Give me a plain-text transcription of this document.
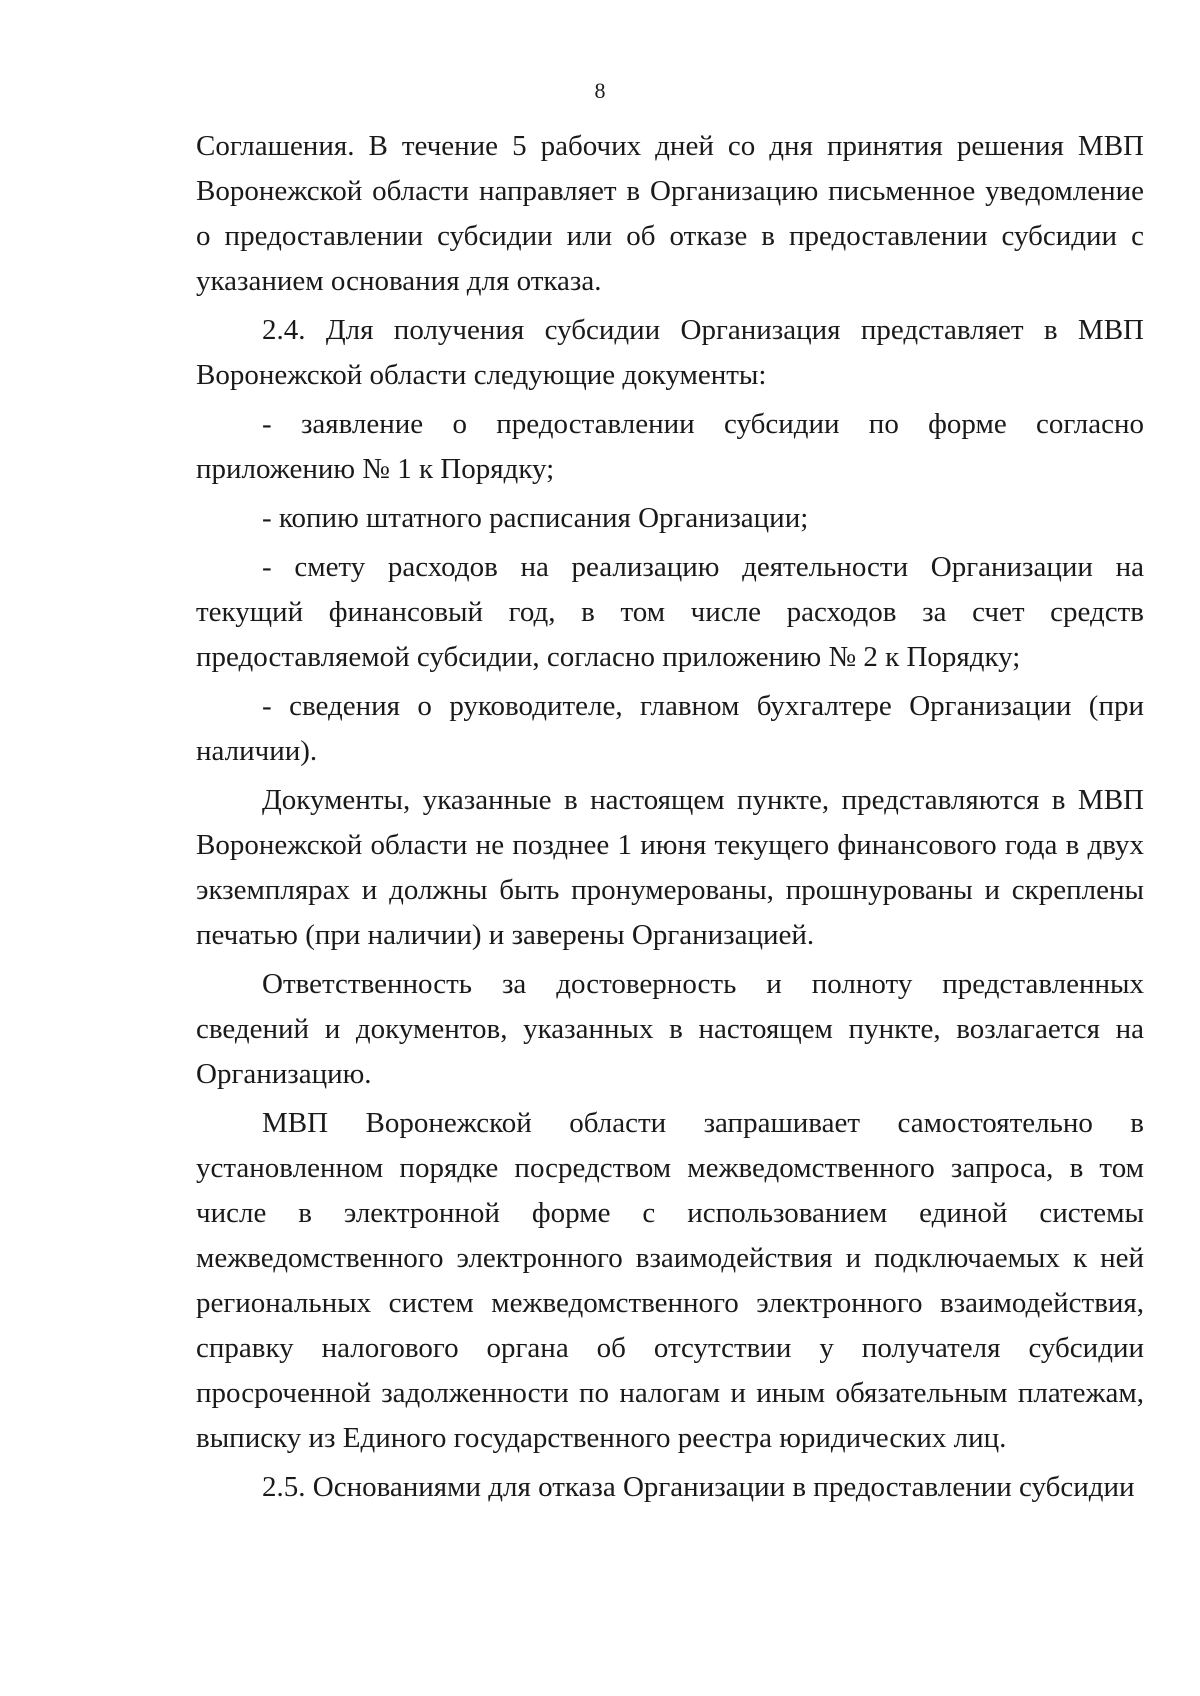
8

Соглашения. В течение 5 рабочих дней со дня принятия решения МВП Воронежской области направляет в Организацию письменное уведомление о предоставлении субсидии или об отказе в предоставлении субсидии с указанием основания для отказа.

2.4. Для получения субсидии Организация представляет в МВП Воронежской области следующие документы:

- заявление о предоставлении субсидии по форме согласно приложению № 1 к Порядку;

- копию штатного расписания Организации;

- смету расходов на реализацию деятельности Организации на текущий финансовый год, в том числе расходов за счет средств предоставляемой субсидии, согласно приложению № 2 к Порядку;

- сведения о руководителе, главном бухгалтере Организации (при наличии).

Документы, указанные в настоящем пункте, представляются в МВП Воронежской области не позднее 1 июня текущего финансового года в двух экземплярах и должны быть пронумерованы, прошнурованы и скреплены печатью (при наличии) и заверены Организацией.

Ответственность за достоверность и полноту представленных сведений и документов, указанных в настоящем пункте, возлагается на Организацию.

МВП Воронежской области запрашивает самостоятельно в установленном порядке посредством межведомственного запроса, в том числе в электронной форме с использованием единой системы межведомственного электронного взаимодействия и подключаемых к ней региональных систем межведомственного электронного взаимодействия, справку налогового органа об отсутствии у получателя субсидии просроченной задолженности по налогам и иным обязательным платежам, выписку из Единого государственного реестра юридических лиц.

2.5. Основаниями для отказа Организации в предоставлении субсидии
